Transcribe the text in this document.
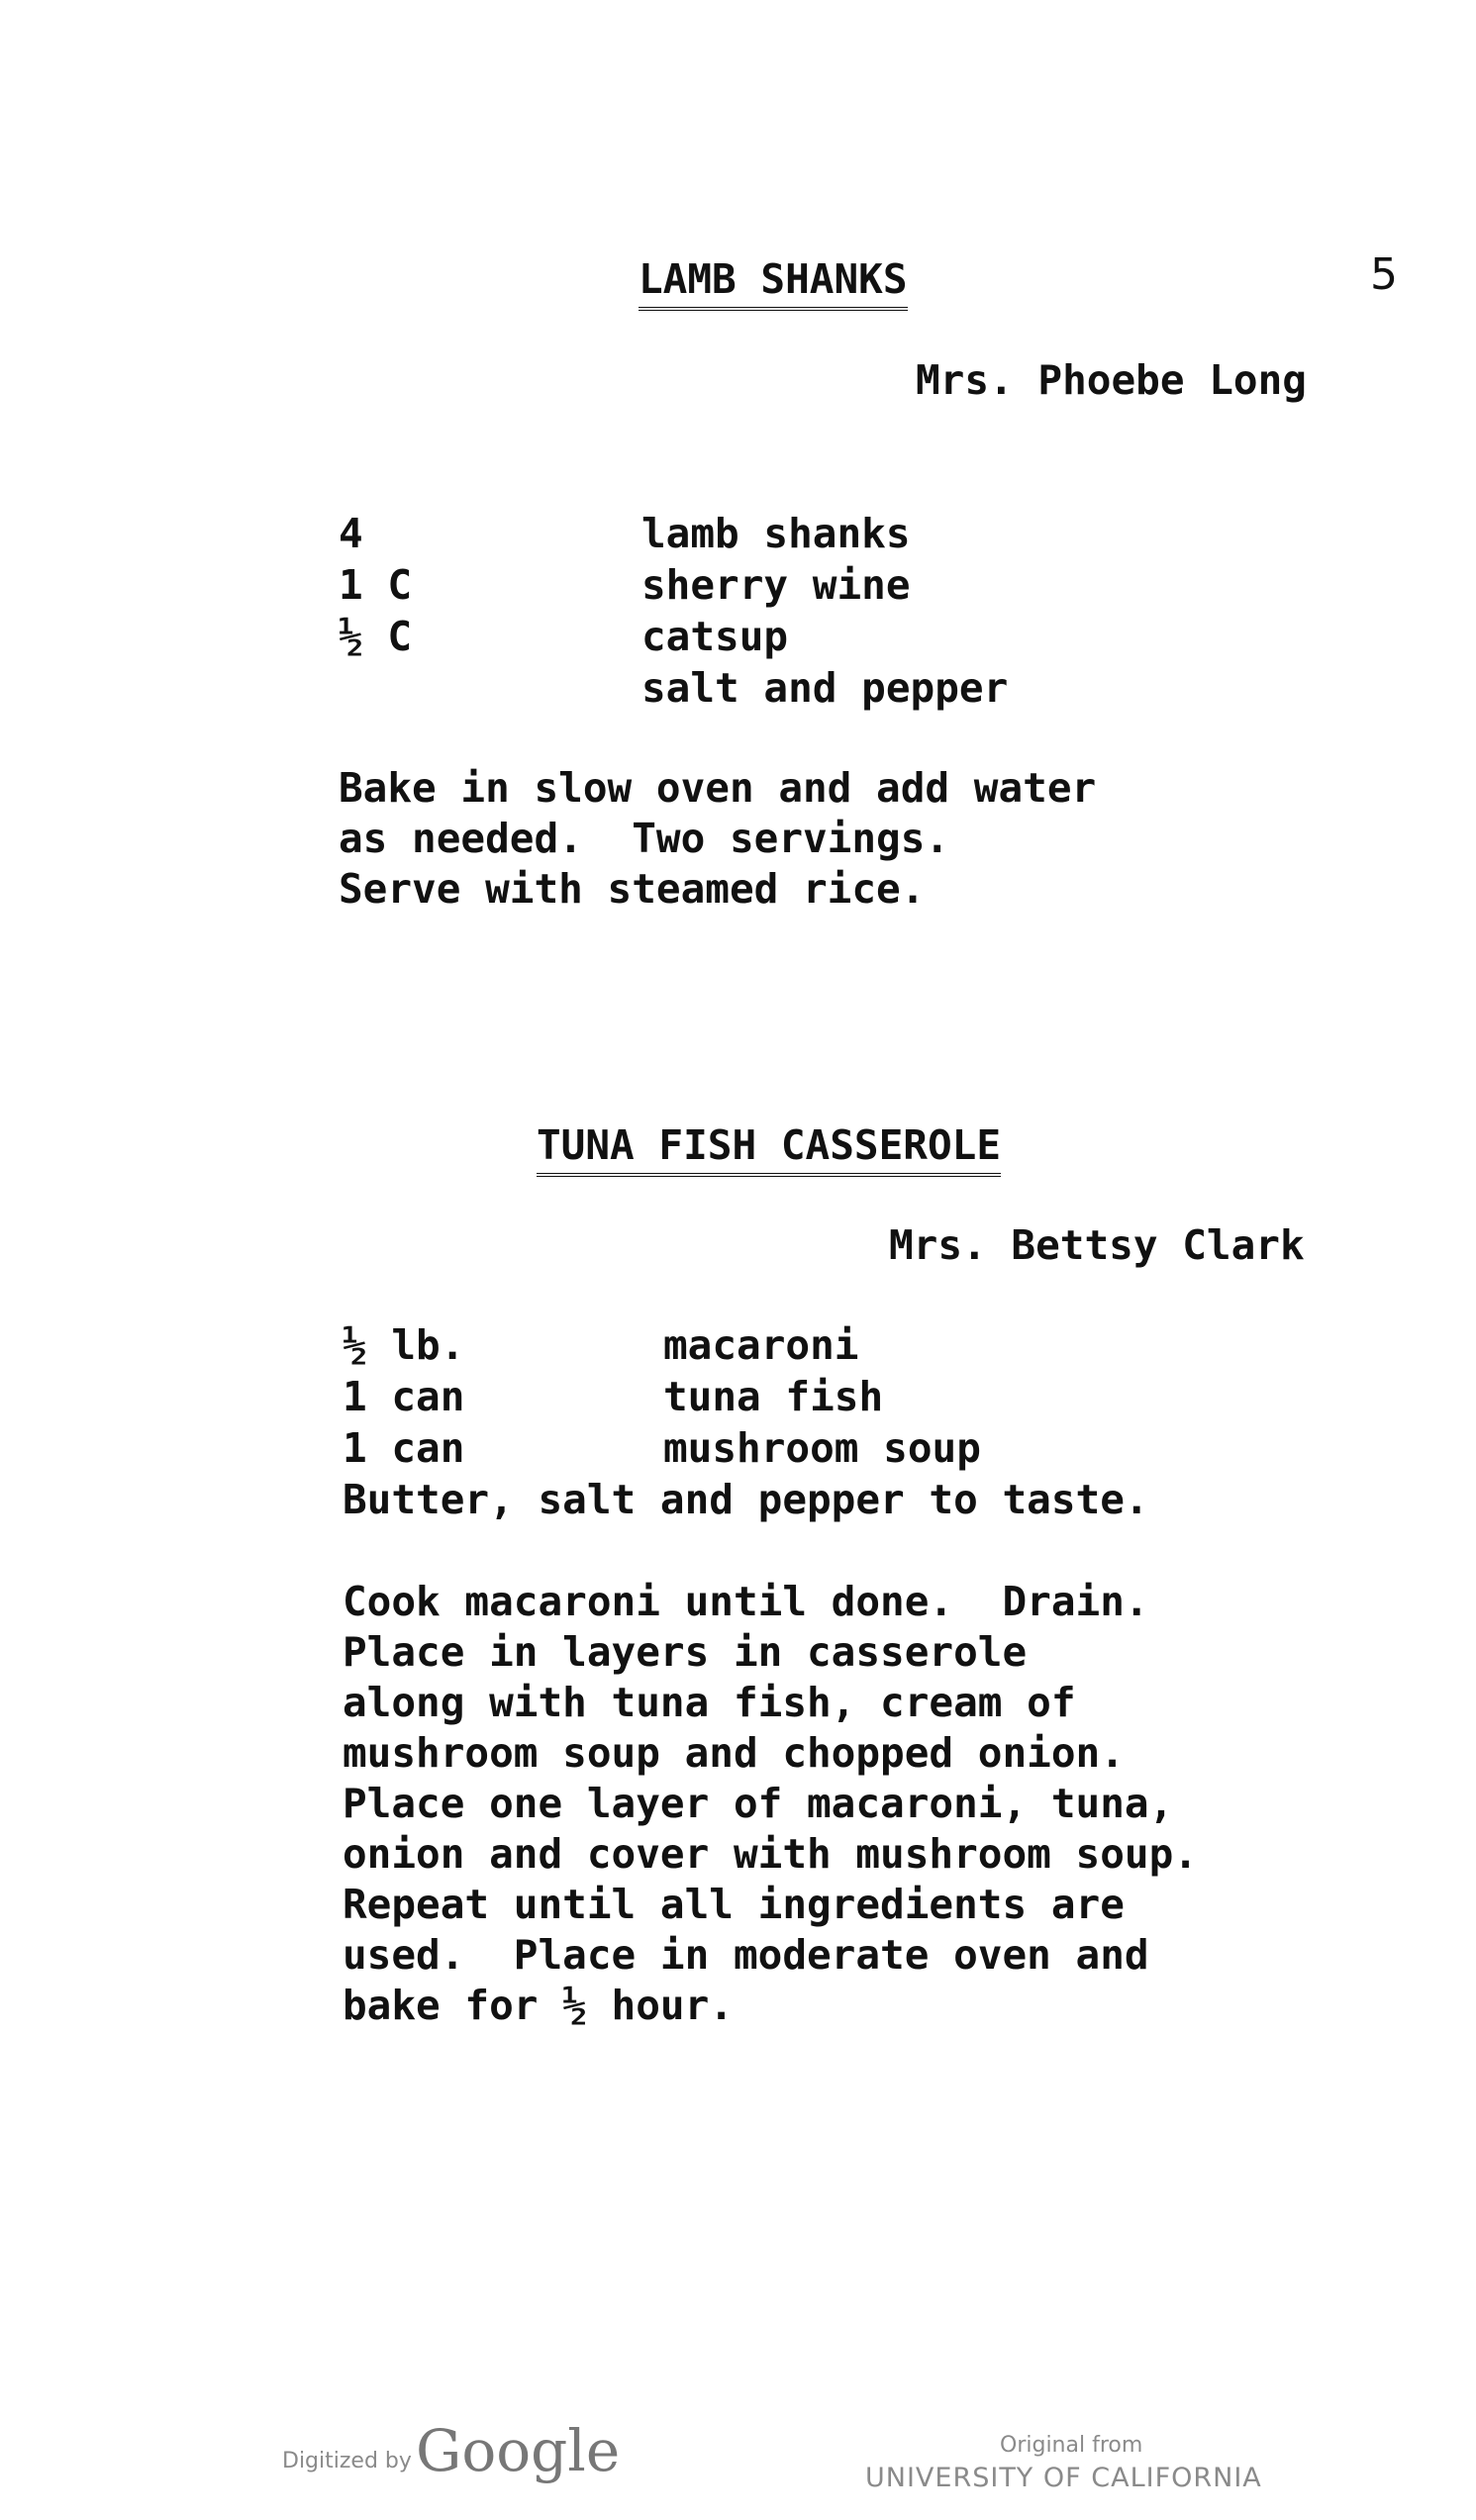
5
LAMB SHANKS
Mrs. Phoebe Long
4	lamb shanks
1 C	sherry wine
½ C	catsup
salt and pepper
Bake in slow oven and add water
as needed.  Two servings.
Serve with steamed rice.
TUNA FISH CASSEROLE
Mrs. Bettsy Clark
½ lb.	macaroni
1 can	tuna fish
1 can	mushroom soup
Butter, salt and pepper to taste.
Cook macaroni until done.  Drain.
Place in layers in casserole
along with tuna fish, cream of
mushroom soup and chopped onion.
Place one layer of macaroni, tuna,
onion and cover with mushroom soup.
Repeat until all ingredients are
used.  Place in moderate oven and
bake for ½ hour.
Digitized by Google	Original from
UNIVERSITY OF CALIFORNIA
